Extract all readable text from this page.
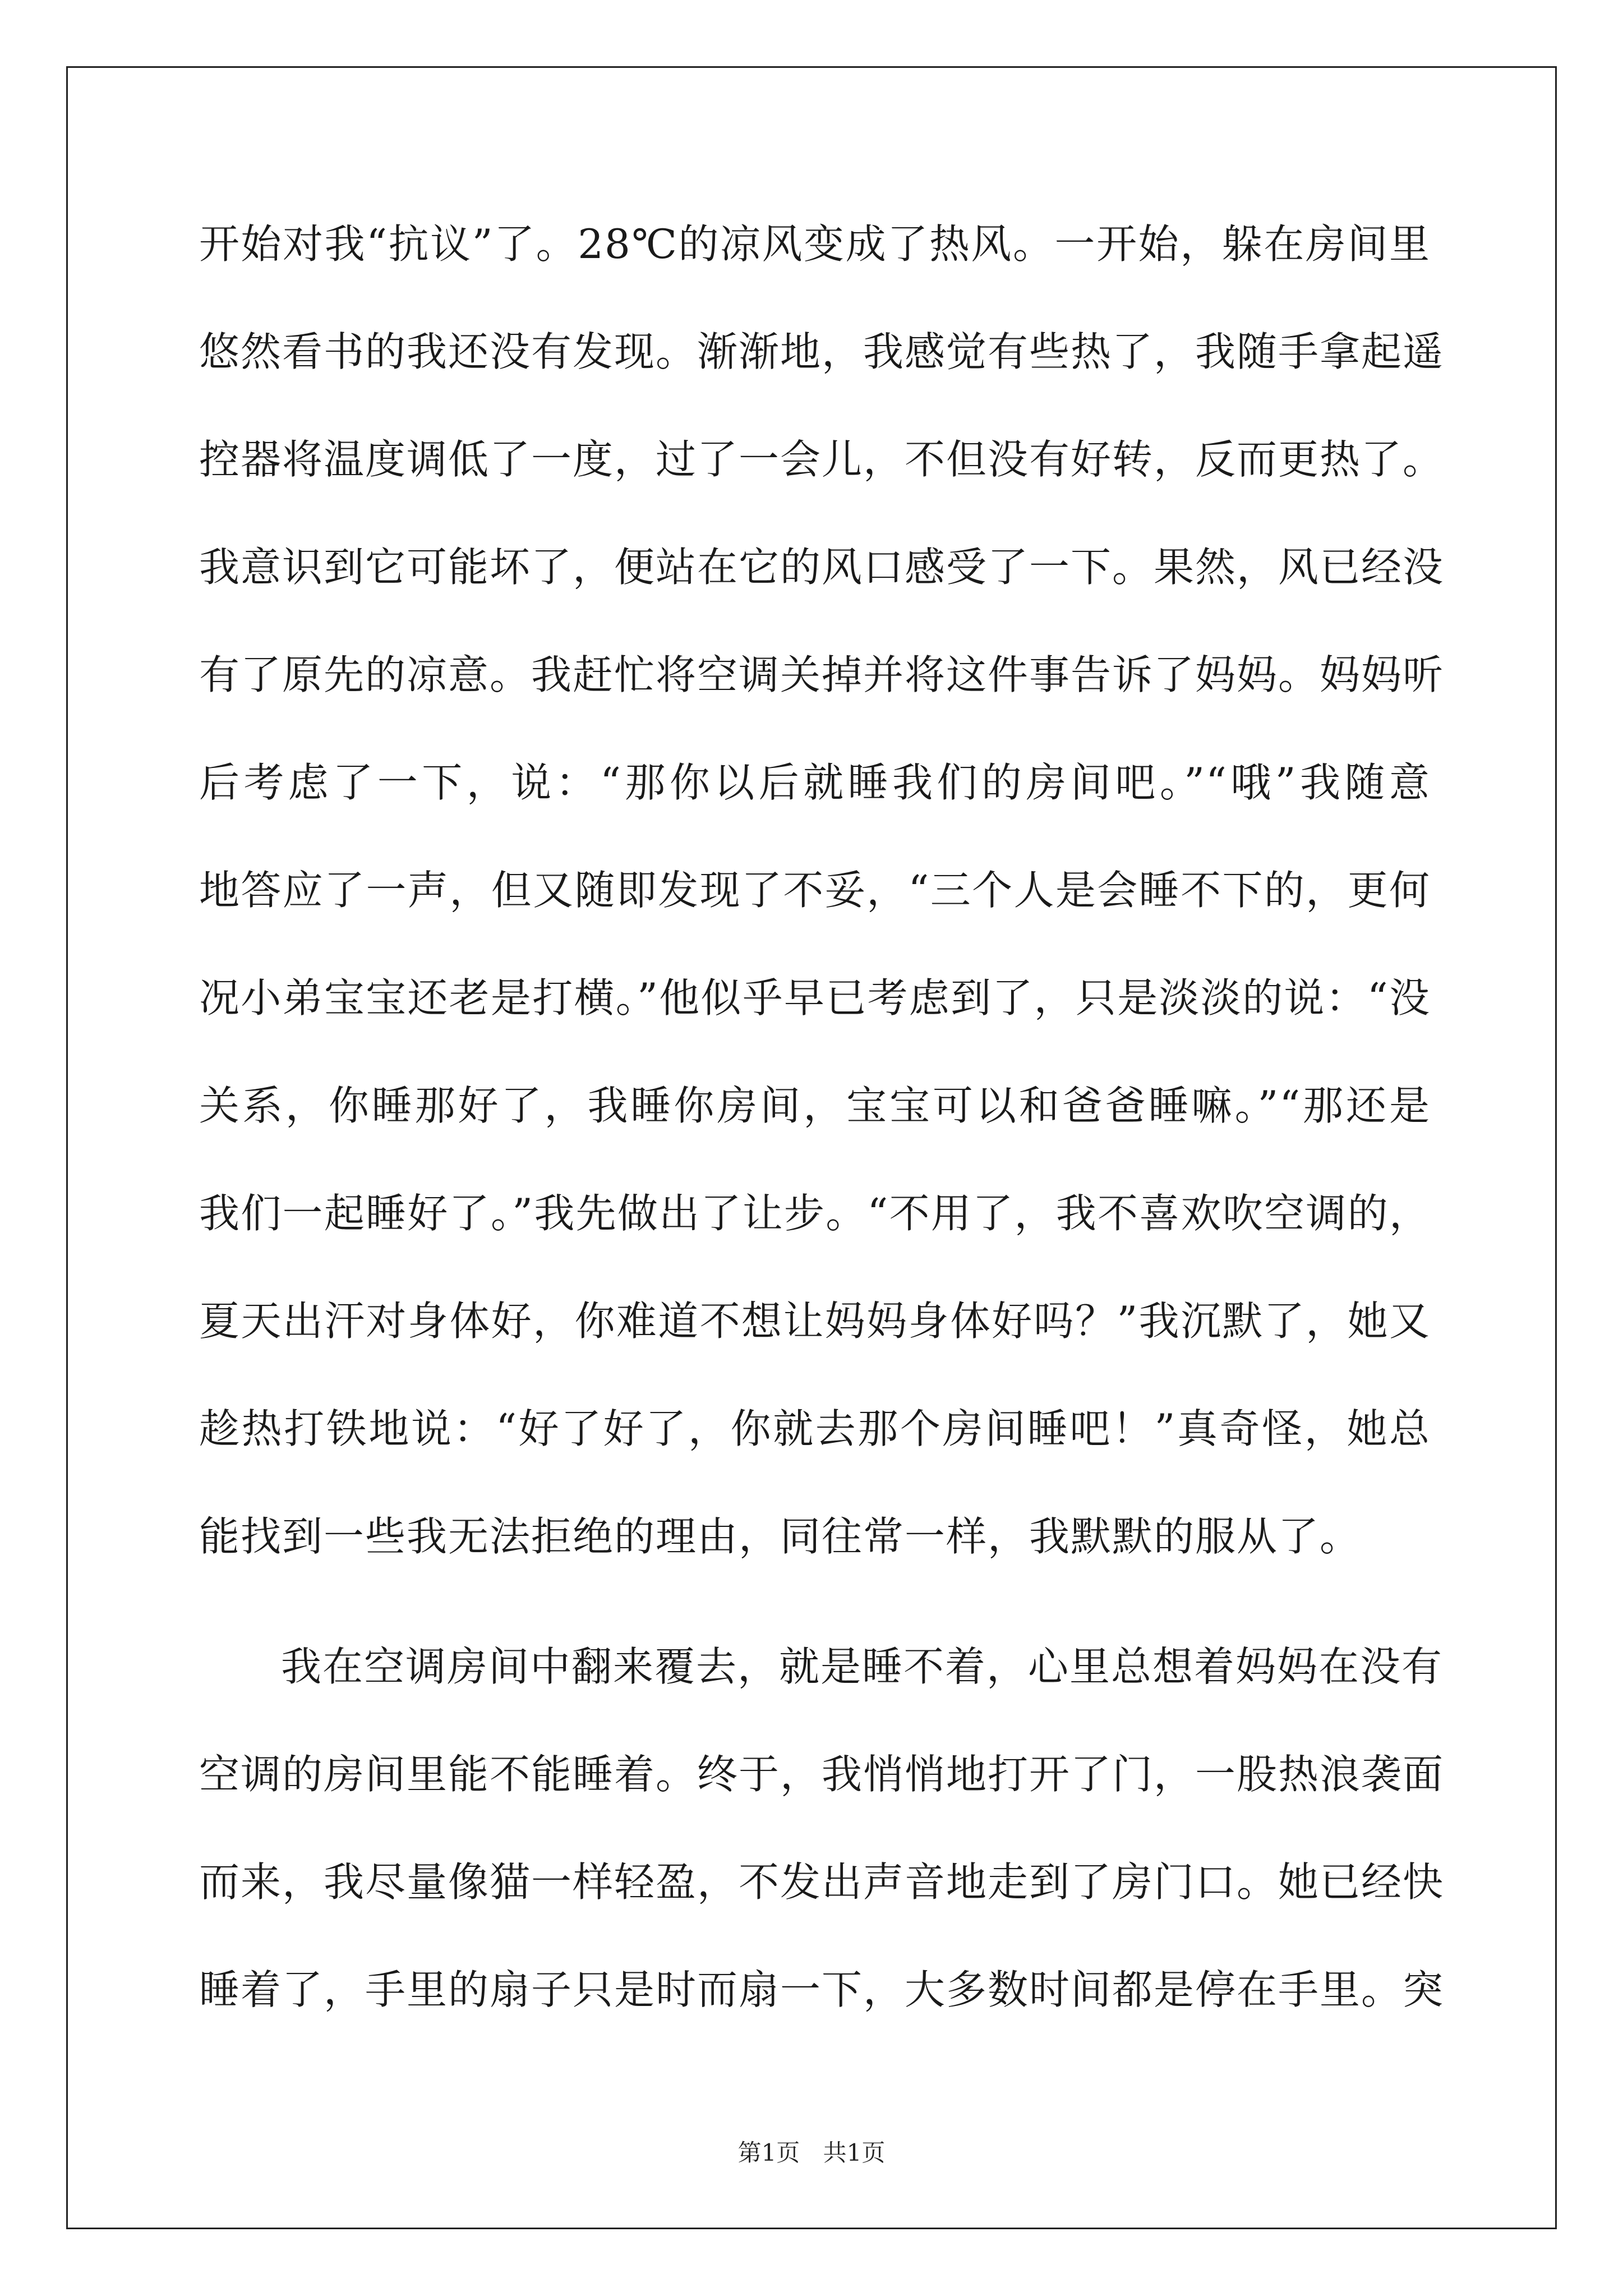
开始对我“抗议”了。28℃的凉风变成了热风。一开始，躲在房间里
悠然看书的我还没有发现。渐渐地，我感觉有些热了，我随手拿起遥
控器将温度调低了一度，过了一会儿，不但没有好转，反而更热了。
我意识到它可能坏了，便站在它的风口感受了一下。果然，风已经没
有了原先的凉意。我赶忙将空调关掉并将这件事告诉了妈妈。妈妈听
后考虑了一下，说：“那你以后就睡我们的房间吧。”“哦”我随意
地答应了一声，但又随即发现了不妥，“三个人是会睡不下的，更何
况小弟宝宝还老是打横。”他似乎早已考虑到了，只是淡淡的说：“没
关系，你睡那好了，我睡你房间，宝宝可以和爸爸睡嘛。”“那还是
我们一起睡好了。”我先做出了让步。“不用了，我不喜欢吹空调的，
夏天出汗对身体好，你难道不想让妈妈身体好吗？”我沉默了，她又
趁热打铁地说：“好了好了，你就去那个房间睡吧！”真奇怪，她总
能找到一些我无法拒绝的理由，同往常一样，我默默的服从了。
我在空调房间中翻来覆去，就是睡不着，心里总想着妈妈在没有
空调的房间里能不能睡着。终于，我悄悄地打开了门，一股热浪袭面
而来，我尽量像猫一样轻盈，不发出声音地走到了房门口。她已经快
睡着了，手里的扇子只是时而扇一下，大多数时间都是停在手里。突
第1页 共1页
